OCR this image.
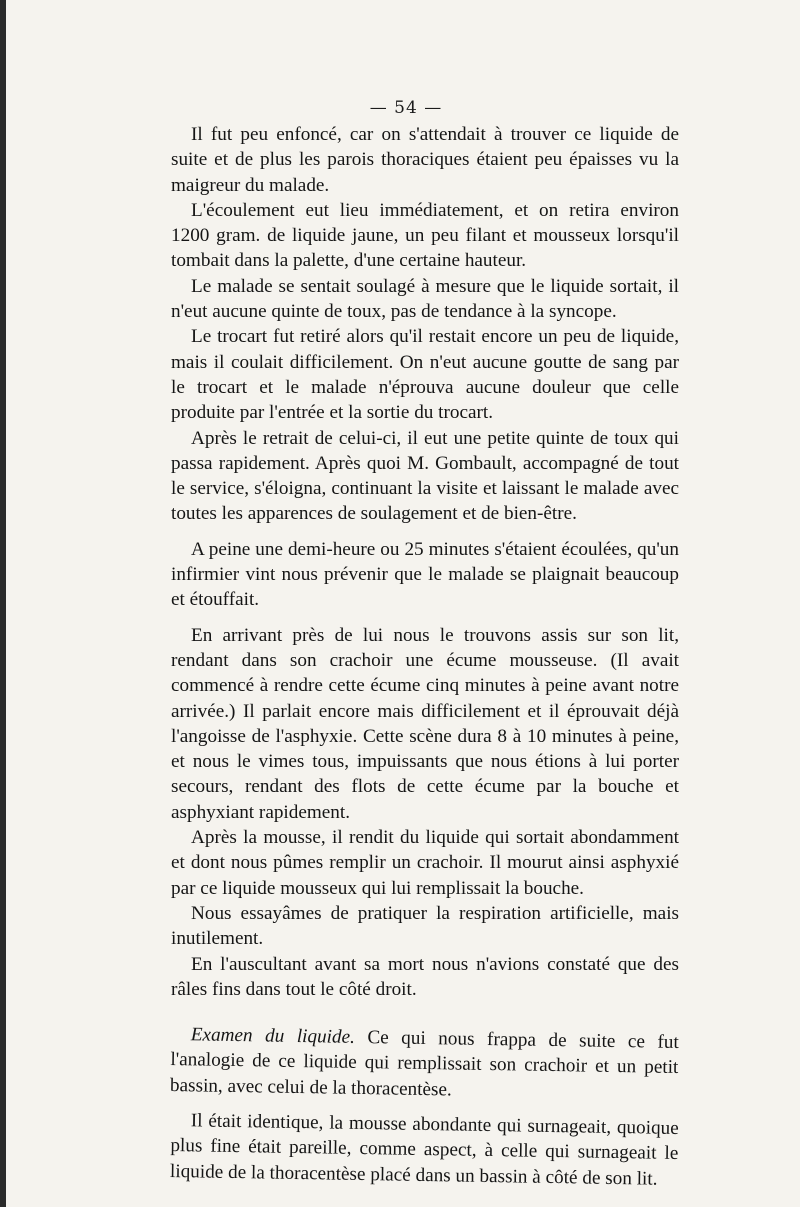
— 54 —

Il fut peu enfoncé, car on s'attendait à trouver ce liquide de suite et de plus les parois thoraciques étaient peu épaisses vu la maigreur du malade.

L'écoulement eut lieu immédiatement, et on retira environ 1200 gram. de liquide jaune, un peu filant et mousseux lorsqu'il tombait dans la palette, d'une certaine hauteur.

Le malade se sentait soulagé à mesure que le liquide sortait, il n'eut aucune quinte de toux, pas de tendance à la syncope.

Le trocart fut retiré alors qu'il restait encore un peu de liquide, mais il coulait difficilement. On n'eut aucune goutte de sang par le trocart et le malade n'éprouva aucune douleur que celle produite par l'entrée et la sortie du trocart.

Après le retrait de celui-ci, il eut une petite quinte de toux qui passa rapidement. Après quoi M. Gombault, accompagné de tout le service, s'éloigna, continuant la visite et laissant le malade avec toutes les apparences de soulagement et de bien-être.

A peine une demi-heure ou 25 minutes s'étaient écoulées, qu'un infirmier vint nous prévenir que le malade se plaignait beaucoup et étouffait.

En arrivant près de lui nous le trouvons assis sur son lit, rendant dans son crachoir une écume mousseuse. (Il avait commencé à rendre cette écume cinq minutes à peine avant notre arrivée.) Il parlait encore mais difficilement et il éprouvait déjà l'angoisse de l'asphyxie. Cette scène dura 8 à 10 minutes à peine, et nous le vimes tous, impuissants que nous étions à lui porter secours, rendant des flots de cette écume par la bouche et asphyxiant rapidement.

Après la mousse, il rendit du liquide qui sortait abondamment et dont nous pûmes remplir un crachoir. Il mourut ainsi asphyxié par ce liquide mousseux qui lui remplissait la bouche.

Nous essayâmes de pratiquer la respiration artificielle, mais inutilement.

En l'auscultant avant sa mort nous n'avions constaté que des râles fins dans tout le côté droit.

Examen du liquide. Ce qui nous frappa de suite ce fut l'analogie de ce liquide qui remplissait son crachoir et un petit bassin, avec celui de la thoracentèse.

Il était identique, la mousse abondante qui surnageait, quoique plus fine était pareille, comme aspect, à celle qui surnageait le liquide de la thoracentèse placé dans un bassin à côté de son lit.
